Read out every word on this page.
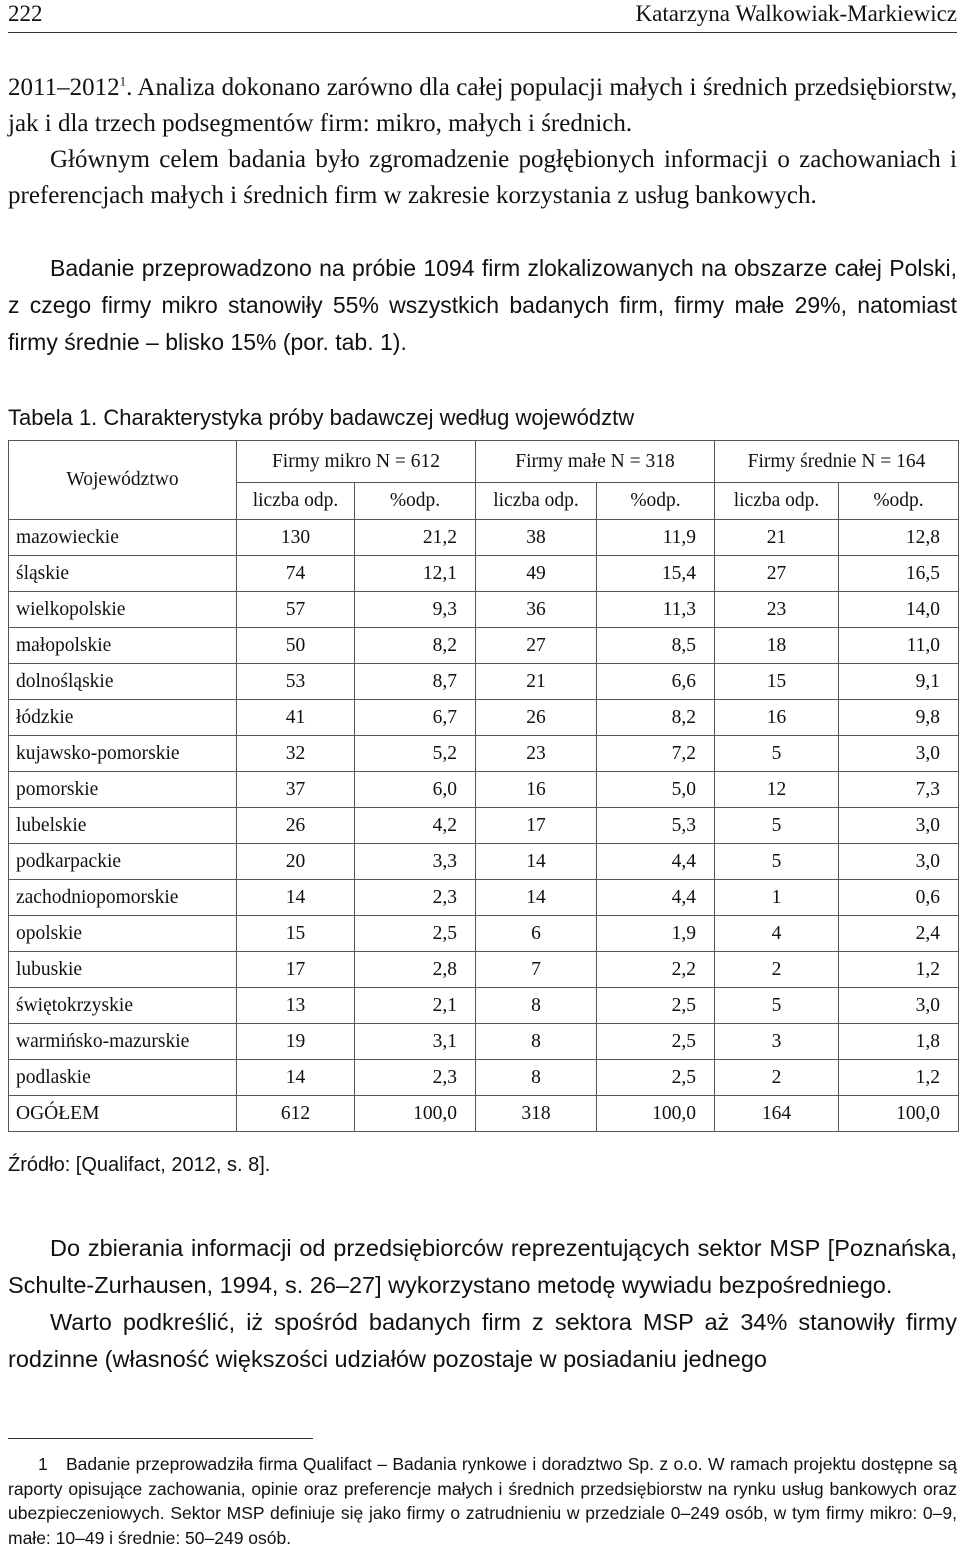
222	Katarzyna Walkowiak-Markiewicz

2011–2012$^1$. Analiza dokonano zarówno dla całej populacji małych i średnich przedsiębiorstw, jak i dla trzech podsegmentów firm: mikro, małych i średnich.

Głównym celem badania było zgromadzenie pogłębionych informacji o zachowaniach i preferencjach małych i średnich firm w zakresie korzystania z usług bankowych.

Badanie przeprowadzono na próbie 1094 firm zlokalizowanych na obszarze całej Polski, z czego firmy mikro stanowiły 55% wszystkich badanych firm, firmy małe 29%, natomiast firmy średnie – blisko 15% (por. tab. 1).

Tabela 1. Charakterystyka próby badawczej według województw
Województwo	Firmy mikro N = 612		Firmy małe N = 318		Firmy średnie N = 164	
	liczba odp.	%odp.	liczba odp.	%odp.	liczba odp.	%odp.
mazowieckie	130	21,2	38	11,9	21	12,8
śląskie	74	12,1	49	15,4	27	16,5
wielkopolskie	57	9,3	36	11,3	23	14,0
małopolskie	50	8,2	27	8,5	18	11,0
dolnośląskie	53	8,7	21	6,6	15	9,1
łódzkie	41	6,7	26	8,2	16	9,8
kujawsko-pomorskie	32	5,2	23	7,2	5	3,0
pomorskie	37	6,0	16	5,0	12	7,3
lubelskie	26	4,2	17	5,3	5	3,0
podkarpackie	20	3,3	14	4,4	5	3,0
zachodniopomorskie	14	2,3	14	4,4	1	0,6
opolskie	15	2,5	6	1,9	4	2,4
lubuskie	17	2,8	7	2,2	2	1,2
świętokrzyskie	13	2,1	8	2,5	5	3,0
warmińsko-mazurskie	19	3,1	8	2,5	3	1,8
podlaskie	14	2,3	8	2,5	2	1,2
OGÓŁEM	612	100,0	318	100,0	164	100,0
Źródło: [Qualifact, 2012, s. 8].

Do zbierania informacji od przedsiębiorców reprezentujących sektor MSP [Poznańska, Schulte-Zurhausen, 1994, s. 26–27] wykorzystano metodę wywiadu bezpośredniego.

Warto podkreślić, iż spośród badanych firm z sektora MSP aż 34% stanowiły firmy rodzinne (własność większości udziałów pozostaje w posiadaniu jednego

1 Badanie przeprowadziła firma Qualifact – Badania rynkowe i doradztwo Sp. z o.o. W ramach projektu dostępne są raporty opisujące zachowania, opinie oraz preferencje małych i średnich przedsiębiorstw na rynku usług bankowych oraz ubezpieczeniowych. Sektor MSP definiuje się jako firmy o zatrudnieniu w przedziale 0–249 osób, w tym firmy mikro: 0–9, małe: 10–49 i średnie: 50–249 osób.
